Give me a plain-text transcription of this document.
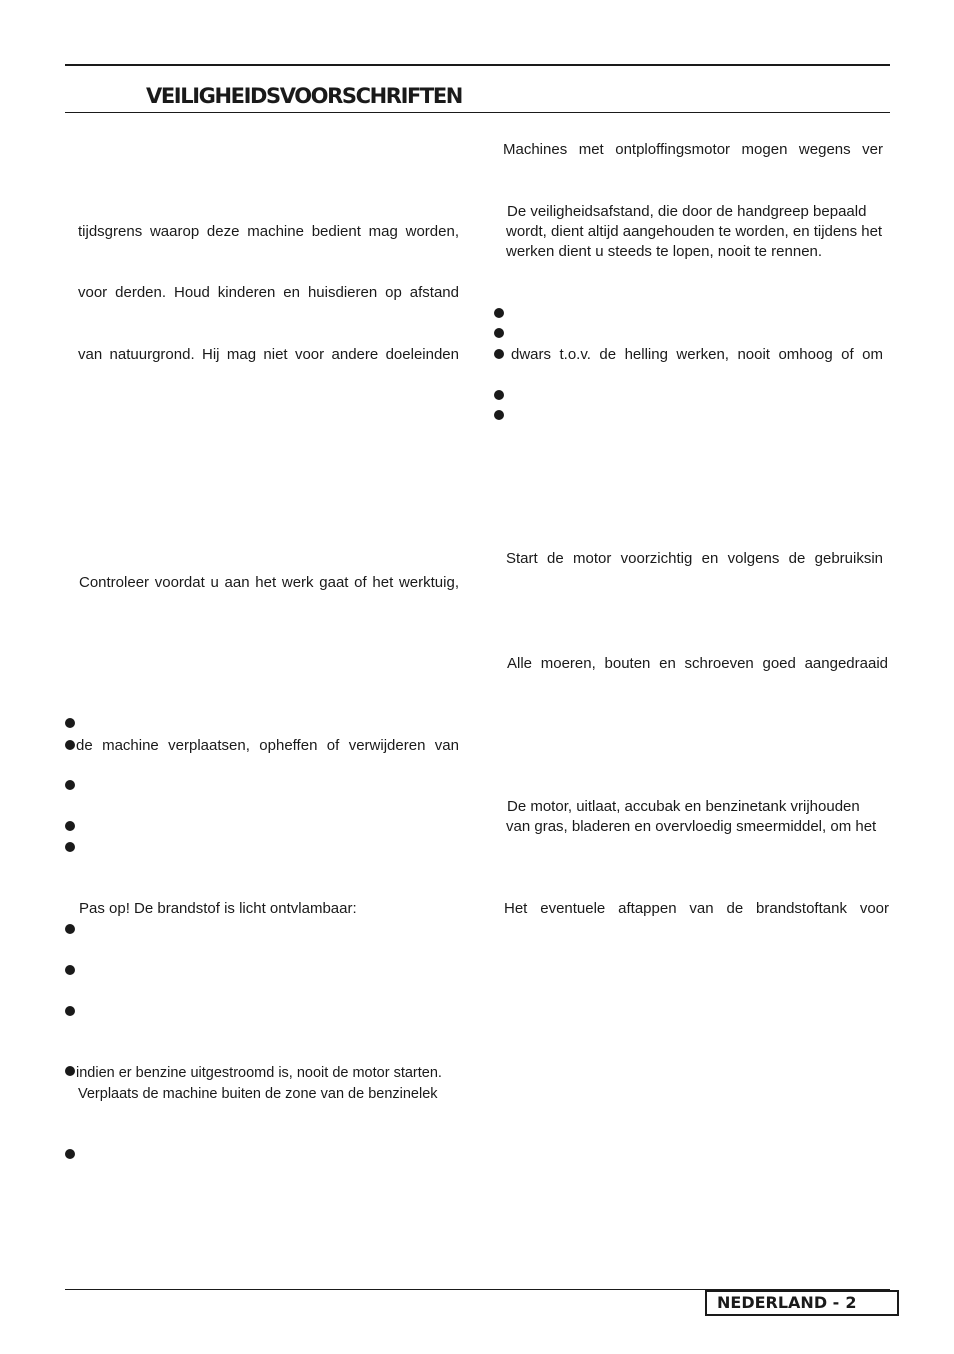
VEILIGHEIDSVOORSCHRIFTEN
tijdsgrens waarop deze machine bedient mag worden,
voor derden. Houd kinderen en huisdieren op afstand
van natuurgrond. Hij mag niet voor andere doeleinden
Controleer voordat u aan het werk gaat of het werktuig,
de machine verplaatsen, opheffen of verwijderen van
Pas op! De brandstof is licht ontvlambaar:
indien er benzine uitgestroomd is, nooit de motor starten.
Verplaats de machine buiten de zone van de benzinelek
Machines met ontploffingsmotor mogen wegens ver
De veiligheidsafstand, die door de handgreep bepaald
wordt, dient altijd aangehouden te worden, en tijdens het
werken dient u steeds te lopen, nooit te rennen.
dwars t.o.v. de helling werken, nooit omhoog of om
Start de motor voorzichtig en volgens de gebruiksin
Alle moeren, bouten en schroeven goed aangedraaid
De motor, uitlaat, accubak en benzinetank vrijhouden
van gras, bladeren en overvloedig smeermiddel, om het
Het eventuele aftappen van de brandstoftank voor
NEDERLAND - 2
